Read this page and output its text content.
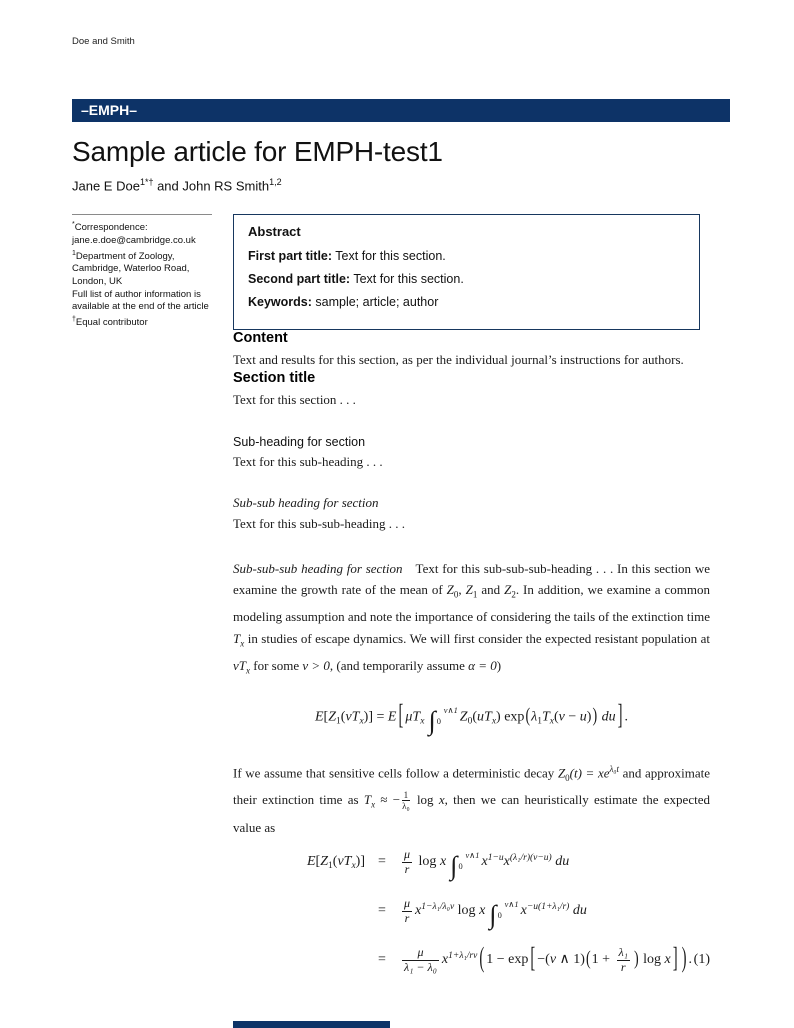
Doe and Smith
–EMPH–
Sample article for EMPH-test1
Jane E Doe$^{1*\dagger}$ and John RS Smith$^{1,2}$
*Correspondence:
jane.e.doe@cambridge.co.uk
$^1$Department of Zoology,
Cambridge, Waterloo Road,
London, UK
Full list of author information is
available at the end of the article
†Equal contributor
Abstract
First part title: Text for this section.
Second part title: Text for this section.
Keywords: sample; article; author
Content

Text and results for this section, as per the individual journal’s instructions for authors.

Section title

Text for this section . . .

Sub-heading for section

Text for this sub-heading . . .

Sub-sub heading for section

Text for this sub-sub-heading . . .

Sub-sub-sub heading for section Text for this sub-sub-sub-heading . . . In this section we examine the growth rate of the mean of $Z_0$, $Z_1$ and $Z_2$. In addition, we examine a common modeling assumption and note the importance of considering the tails of the extinction time $T_x$ in studies of escape dynamics. We will first consider the expected resistant population at $vT_x$ for some v > 0, (and temporarily assume α = 0)

$E[Z_1(vT_x)] = E$ [ $\mu T_x$ ∫ v∧1
0	$Z_0(uT_x) \exp(\lambda_1T_x(v - u))$ du ] .

If we assume that sensitive cells follow a deterministic decay $Z_0(t) = xe^{\lambda_0t}$ and approximate their extinction time as $T_x$ ≈ − $\frac{1}{\text{λ₀}}$ log x, then we can heuristically estimate the expected value as

$E[Z_1(vT_x)]$ =	$\frac{\mu}{r}$ log x ∫ v∧1
0	$x^{1-u}x^{(\lambda_1/r)(v-u)}$ du
=	$\frac{\mu}{r} x^{1-\lambda_1/\lambda_0v}$ log x ∫ v∧1
0	$x^{-u(1+\lambda_1/r)}$ du
=	$\frac{\mu}{\text{λ₁ − λ₀}} x^{1+\lambda_1/rv}$ ( 1 − exp [ −(v ∧ $1)(1 + \frac{\text{λ₁}}{r}$ ) log x ] ) . (1)
